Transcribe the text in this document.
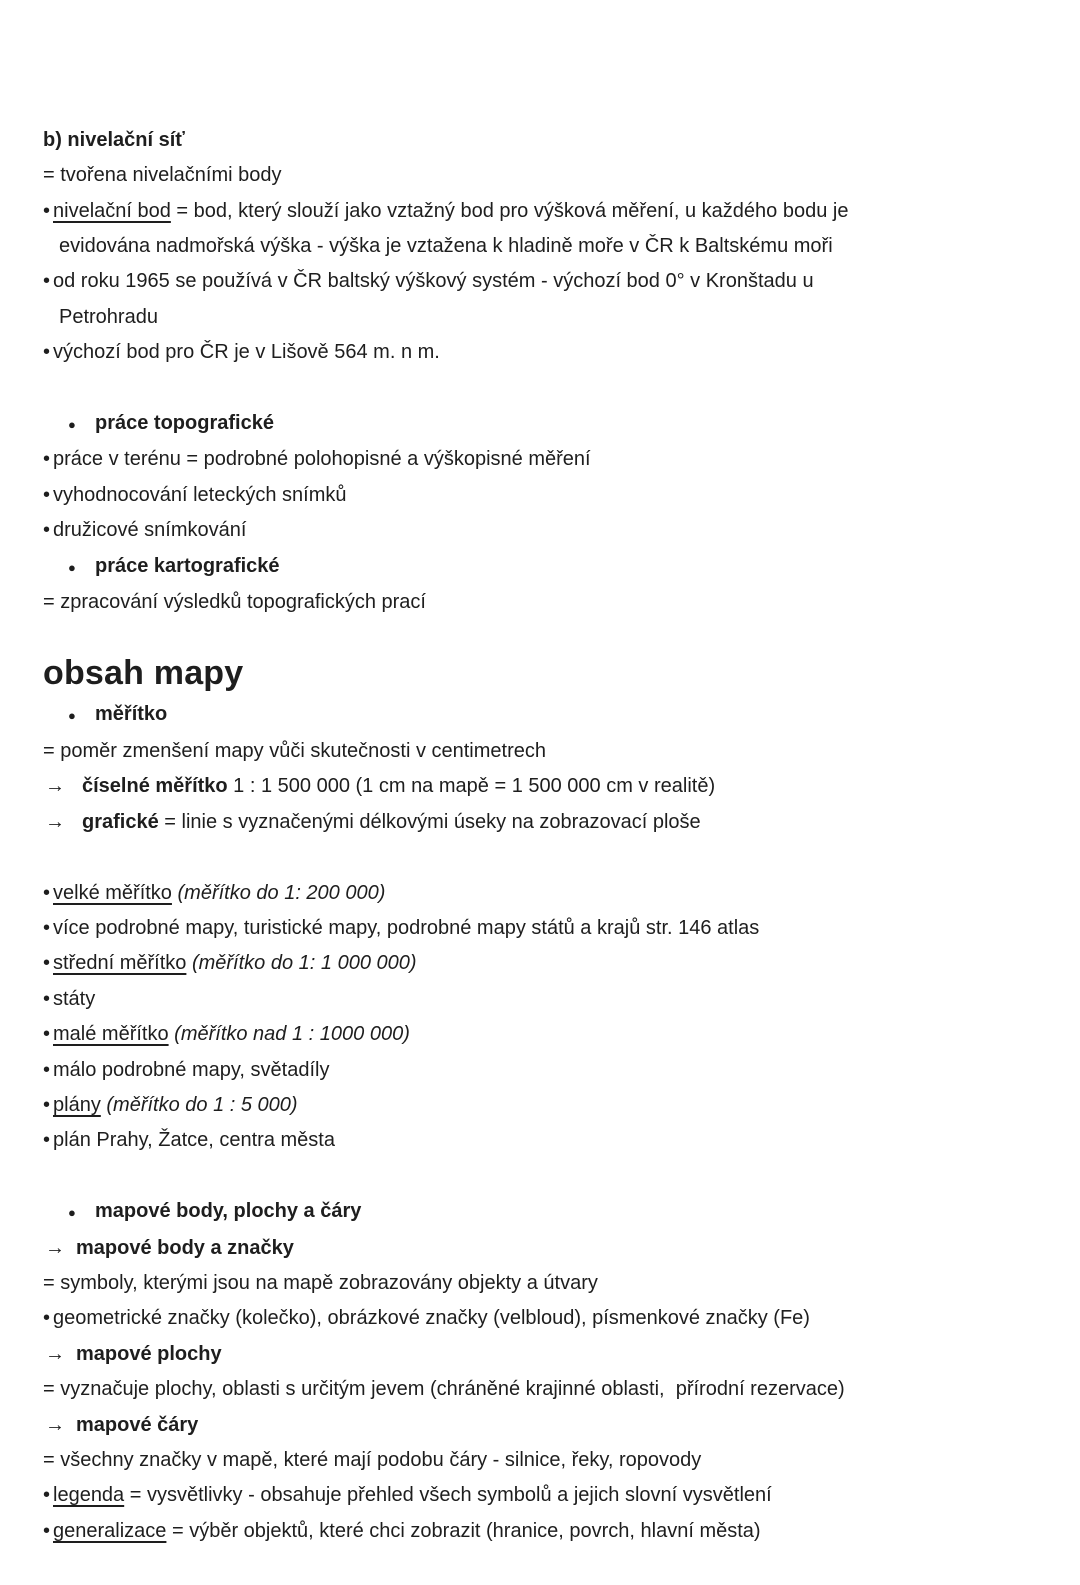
b) nivelační síť
= tvořena nivelačními body
• nivelační bod = bod, který slouží jako vztažný bod pro výšková měření, u každého bodu je
evidována nadmořská výška - výška je vztažena k hladině moře v ČR k Baltskému moři
• od roku 1965 se používá v ČR baltský výškový systém - výchozí bod 0° v Kronštadu u
Petrohradu
• výchozí bod pro ČR je v Lišově 564 m. n m.
● práce topografické
• práce v terénu = podrobné polohopisné a výškopisné měření
• vyhodnocování leteckých snímků
• družicové snímkování
● práce kartografické
= zpracování výsledků topografických prací
obsah mapy
● měřítko
= poměr zmenšení mapy vůči skutečnosti v centimetrech
→ číselné měřítko 1 : 1 500 000 (1 cm na mapě = 1 500 000 cm v realitě)
→ grafické = linie s vyznačenými délkovými úseky na zobrazovací ploše
• velké měřítko (měřítko do 1: 200 000)
• více podrobné mapy, turistické mapy, podrobné mapy států a krajů str. 146 atlas
• střední měřítko (měřítko do 1: 1 000 000)
• státy
• malé měřítko (měřítko nad 1 : 1000 000)
• málo podrobné mapy, světadíly
• plány (měřítko do 1 : 5 000)
• plán Prahy, Žatce, centra města
● mapové body, plochy a čáry
→ mapové body a značky
= symboly, kterými jsou na mapě zobrazovány objekty a útvary
• geometrické značky (kolečko), obrázkové značky (velbloud), písmenkové značky (Fe)
→ mapové plochy
= vyznačuje plochy, oblasti s určitým jevem (chráněné krajinné oblasti,  přírodní rezervace)
→ mapové čáry
= všechny značky v mapě, které mají podobu čáry - silnice, řeky, ropovody
• legenda = vysvětlivky - obsahuje přehled všech symbolů a jejich slovní vysvětlení
• generalizace = výběr objektů, které chci zobrazit (hranice, povrch, hlavní města)
